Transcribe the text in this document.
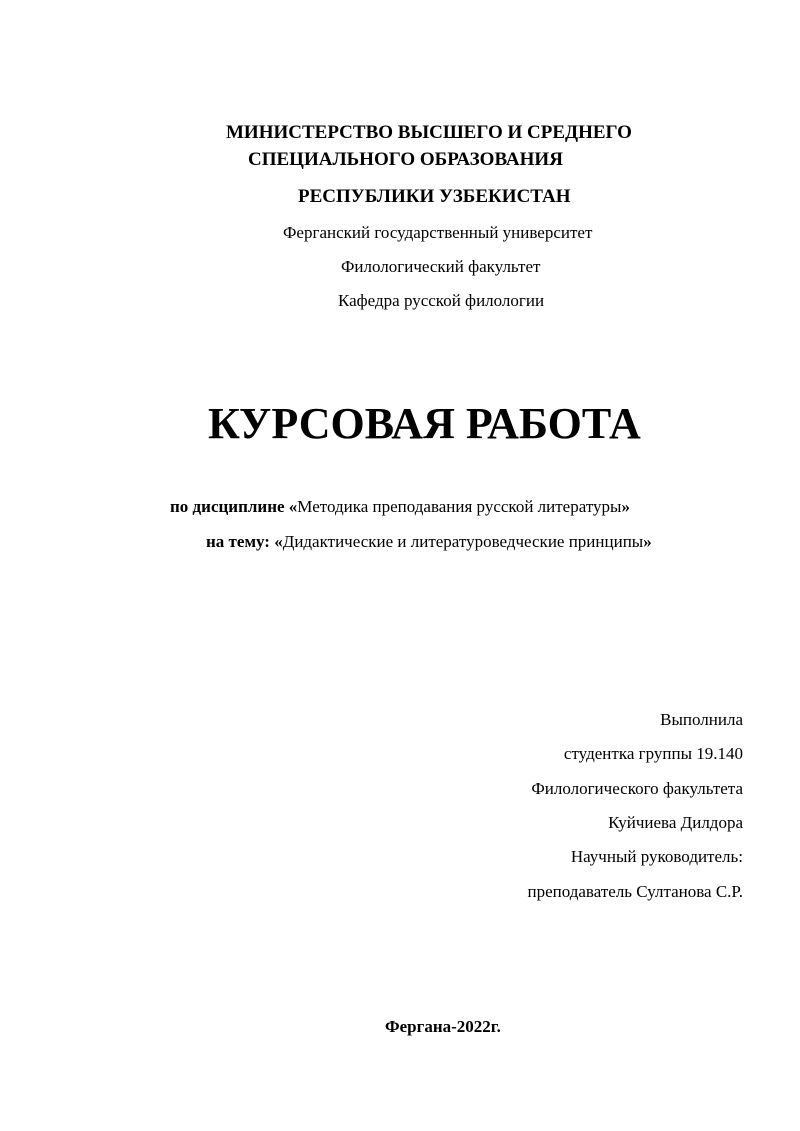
МИНИСТЕРСТВО ВЫСШЕГО И СРЕДНЕГО
СПЕЦИАЛЬНОГО ОБРАЗОВАНИЯ
РЕСПУБЛИКИ УЗБЕКИСТАН
Ферганский государственный университет
Филологический факультет
Кафедра русской филологии
КУРСОВАЯ РАБОТА
по дисциплине «Методика преподавания русской литературы»
на тему: «Дидактические и литературоведческие принципы»
Выполнила
студентка группы 19.140
Филологического факультета
Куйчиева Дилдора
Научный руководитель:
преподаватель Султанова С.Р.
Фергана-2022г.
